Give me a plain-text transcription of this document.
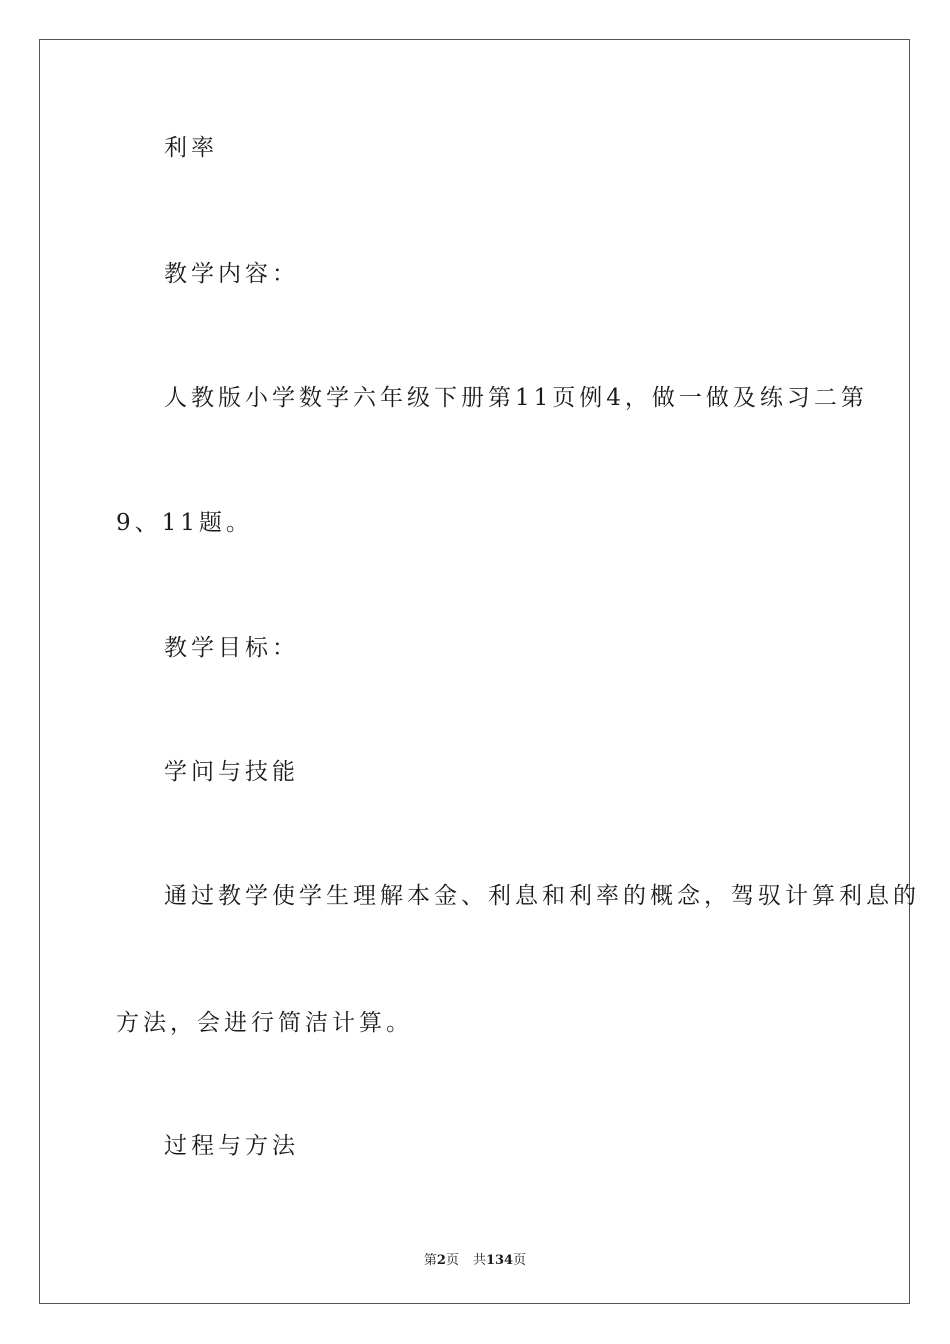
利率
教学内容：
人教版小学数学六年级下册第11页例4，做一做及练习二第
9、11题。
教学目标：
学问与技能
通过教学使学生理解本金、利息和利率的概念，驾驭计算利息的
方法，会进行简洁计算。
过程与方法
第2页 共134页
